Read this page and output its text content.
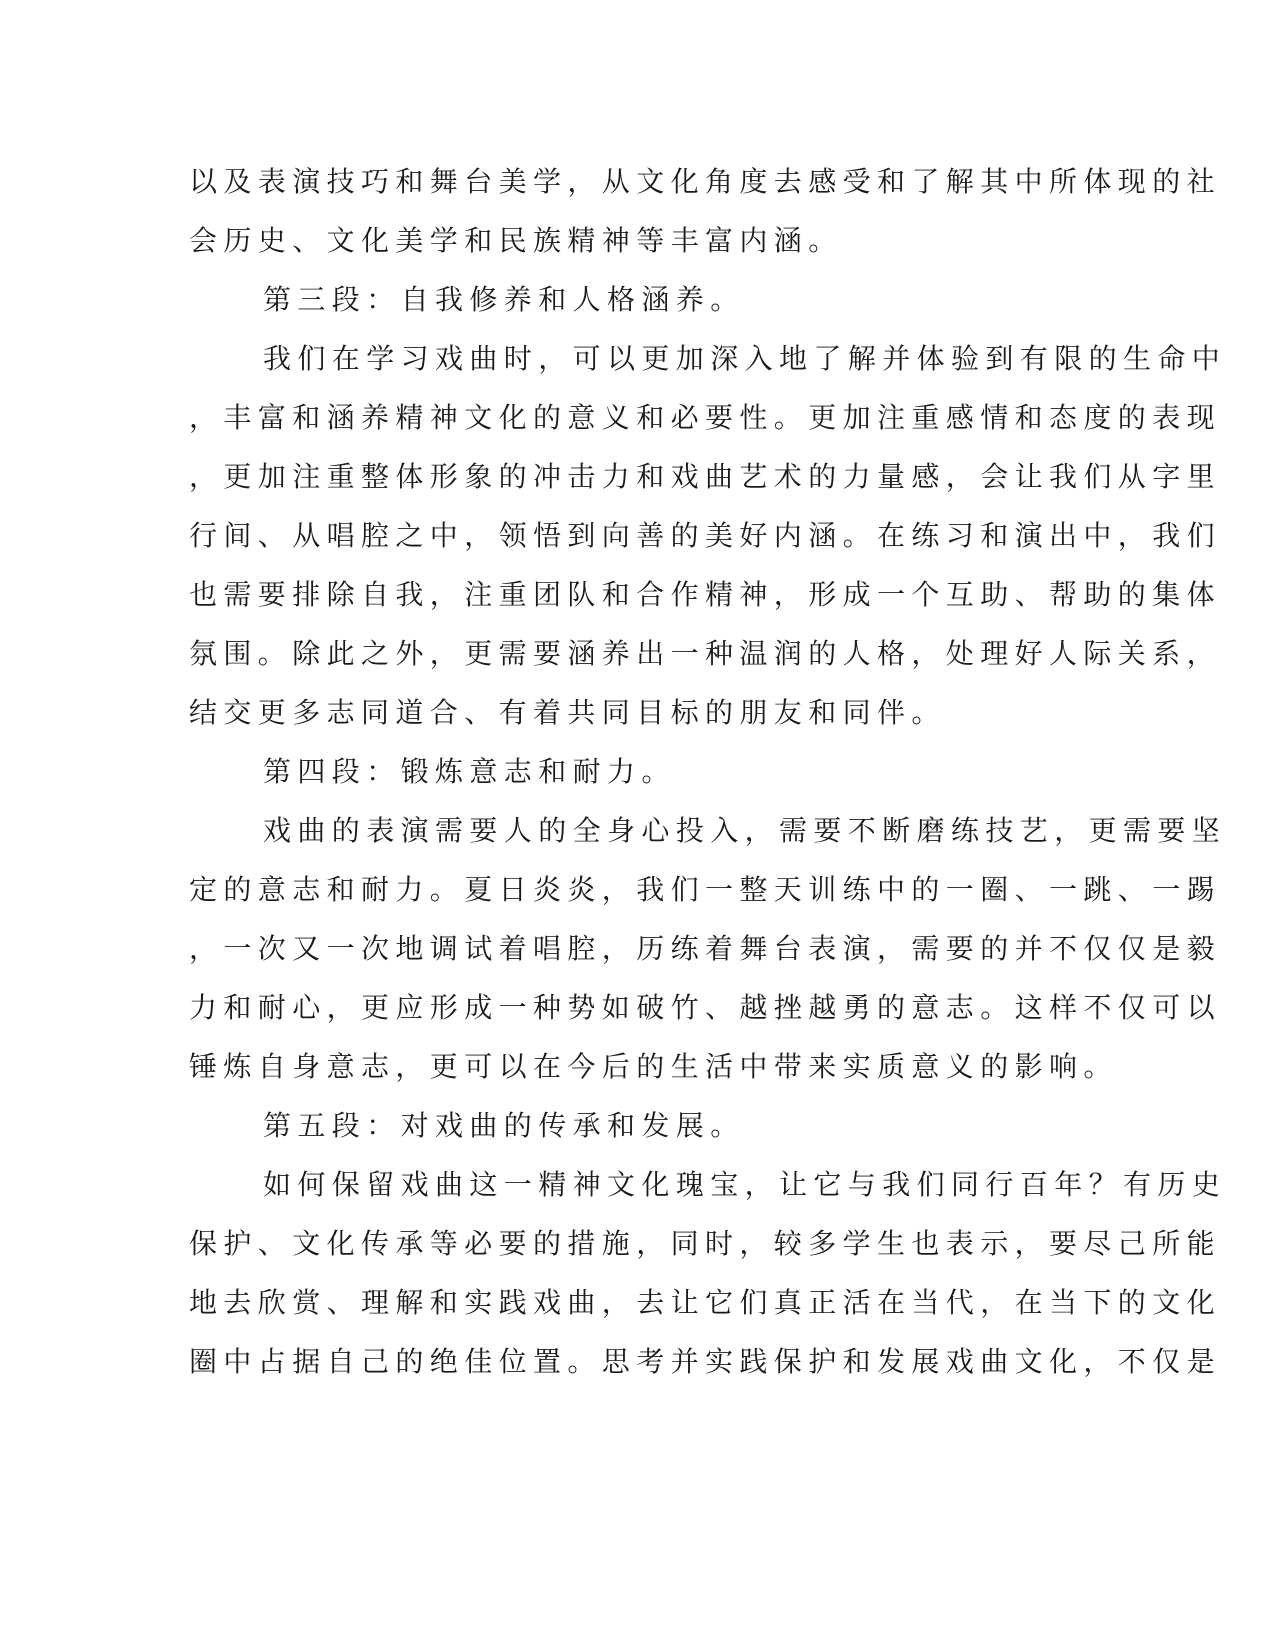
以及表演技巧和舞台美学，从文化角度去感受和了解其中所体现的社
会历史、文化美学和民族精神等丰富内涵。
第三段：自我修养和人格涵养。
我们在学习戏曲时，可以更加深入地了解并体验到有限的生命中
，丰富和涵养精神文化的意义和必要性。更加注重感情和态度的表现
，更加注重整体形象的冲击力和戏曲艺术的力量感，会让我们从字里
行间、从唱腔之中，领悟到向善的美好内涵。在练习和演出中，我们
也需要排除自我，注重团队和合作精神，形成一个互助、帮助的集体
氛围。除此之外，更需要涵养出一种温润的人格，处理好人际关系，
结交更多志同道合、有着共同目标的朋友和同伴。
第四段：锻炼意志和耐力。
戏曲的表演需要人的全身心投入，需要不断磨练技艺，更需要坚
定的意志和耐力。夏日炎炎，我们一整天训练中的一圈、一跳、一踢
，一次又一次地调试着唱腔，历练着舞台表演，需要的并不仅仅是毅
力和耐心，更应形成一种势如破竹、越挫越勇的意志。这样不仅可以
锤炼自身意志，更可以在今后的生活中带来实质意义的影响。
第五段：对戏曲的传承和发展。
如何保留戏曲这一精神文化瑰宝，让它与我们同行百年？有历史
保护、文化传承等必要的措施，同时，较多学生也表示，要尽己所能
地去欣赏、理解和实践戏曲，去让它们真正活在当代，在当下的文化
圈中占据自己的绝佳位置。思考并实践保护和发展戏曲文化，不仅是
